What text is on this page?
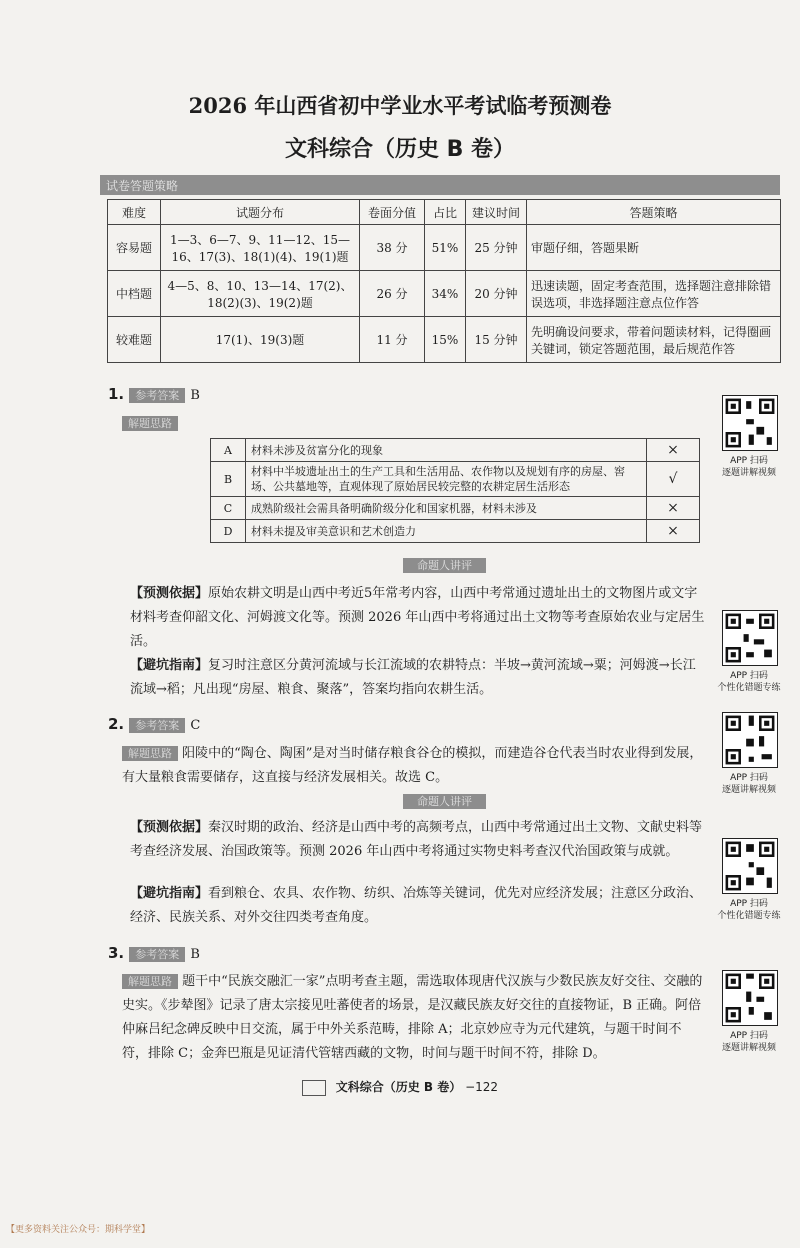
2026 年山西省初中学业水平考试临考预测卷
文科综合（历史 B 卷）
试卷答题策略
难度	试题分布	卷面分值	占比	建议时间	答题策略
容易题	1—3、6—7、9、11—12、15—16、17(3)、18(1)(4)、19(1)题	38 分	51%	25 分钟	审题仔细，答题果断
中档题	4—5、8、10、13—14、17(2)、18(2)(3)、19(2)题	26 分	34%	20 分钟	迅速读题，固定考查范围，选择题注意排除错误选项，非选择题注意点位作答
较难题	17(1)、19(3)题	11 分	15%	15 分钟	先明确设问要求，带着问题读材料，记得圈画关键词，锁定答题范围，最后规范作答
1. 参考答案 B
解题思路
A	材料未涉及贫富分化的现象	×
B	材料中半坡遗址出土的生产工具和生活用品、农作物以及规划有序的房屋、窖场、公共墓地等，直观体现了原始居民较完整的农耕定居生活形态	√
C	成熟阶级社会需具备明确阶级分化和国家机器，材料未涉及	×
D	材料未提及审美意识和艺术创造力	×
命题人讲评
【预测依据】原始农耕文明是山西中考近5年常考内容，山西中考常通过遗址出土的文物图片或文字材料考查仰韶文化、河姆渡文化等。预测 2026 年山西中考将通过出土文物等考查原始农业与定居生活。
【避坑指南】复习时注意区分黄河流域与长江流域的农耕特点：半坡→黄河流域→粟；河姆渡→长江流域→稻；凡出现“房屋、粮食、聚落”，答案均指向农耕生活。
2. 参考答案 C
解题思路 阳陵中的“陶仓、陶囷”是对当时储存粮食谷仓的模拟，而建造谷仓代表当时农业得到发展，有大量粮食需要储存，这直接与经济发展相关。故选 C。
命题人讲评
【预测依据】秦汉时期的政治、经济是山西中考的高频考点，山西中考常通过出土文物、文献史料等考查经济发展、治国政策等。预测 2026 年山西中考将通过实物史料考查汉代治国政策与成就。
【避坑指南】看到粮仓、农具、农作物、纺织、冶炼等关键词，优先对应经济发展；注意区分政治、经济、民族关系、对外交往四类考查角度。
3. 参考答案 B
解题思路 题干中“民族交融汇一家”点明考查主题，需选取体现唐代汉族与少数民族友好交往、交融的史实。《步辇图》记录了唐太宗接见吐蕃使者的场景，是汉藏民族友好交往的直接物证，B 正确。阿倍仲麻吕纪念碑反映中日交流，属于中外关系范畴，排除 A；北京妙应寺为元代建筑，与题干时间不符，排除 C；金奔巴瓶是见证清代管辖西藏的文物，时间与题干时间不符，排除 D。
APP 扫码
逐题讲解视频
APP 扫码
个性化错题专练
APP 扫码
逐题讲解视频
APP 扫码
个性化错题专练
APP 扫码
逐题讲解视频
文科综合（历史 B 卷） −122
【更多资料关注公众号：期科学堂】
